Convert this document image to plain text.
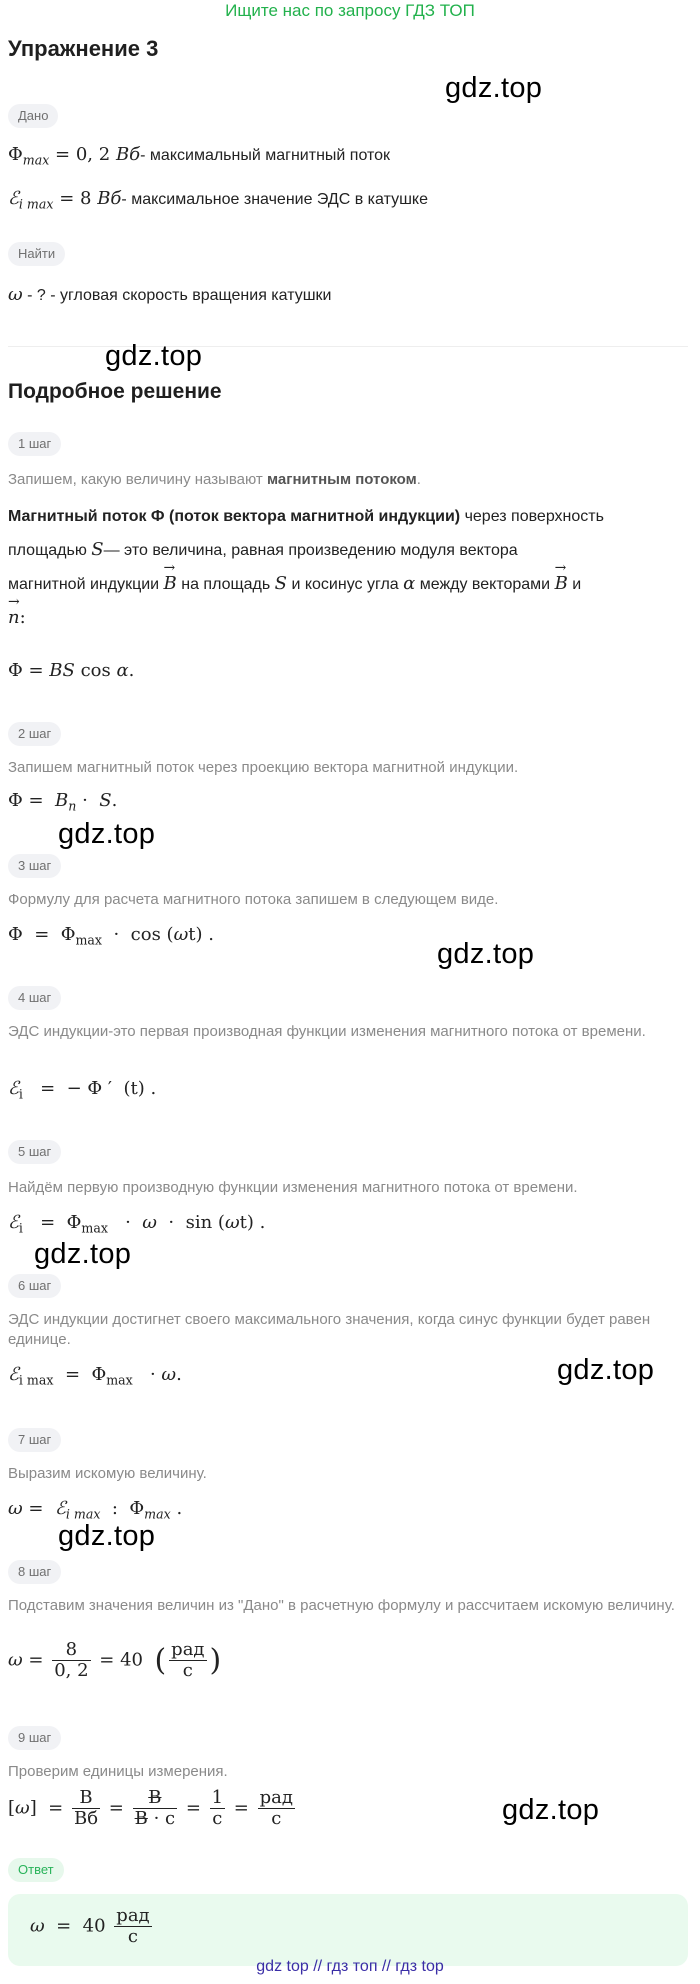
Ищите нас по запросу ГДЗ ТОП
Упражнение 3
gdz.top
Дано
$\Phi_{max} = 0$, 2 Вб- максимальный магнитный поток
ℰ$_{i max}$ = 8 Вб- максимальное значение ЭДС в катушке
Найти
ω - ? - угловая скорость вращения катушки
gdz.top
Подробное решение
1 шаг
Запишем, какую величину называют магнитным потоком.
Магнитный поток Ф (поток вектора магнитной индукции) через поверхность
площадью S— это величина, равная произведению модуля вектора
магнитной индукции → B на площадь S и косинус угла α между векторами → B и
→ n:
Φ = BS cos α.
2 шаг
Запишем магнитный поток через проекцию вектора магнитной индукции.
$\Phi = B_n \cdot S$.
gdz.top
3 шаг
Формулу для расчета магнитного потока запишем в следующем виде.
$\Phi = \Phi_{max} \cdot \cos (\omega t)$ .
gdz.top
4 шаг
ЭДС индукции-это первая производная функции изменения магнитного потока от времени.
ℰ$_i$   =  − Φ ′  (t) .
5 шаг
Найдём первую производную функции изменения магнитного потока от времени.
ℰ$_i$   =  $\Phi_{max} \cdot \omega \cdot \sin (\omega t)$ .
gdz.top
6 шаг
ЭДС индукции достигнет своего максимального значения, когда синус функции будет равен единице.
ℰ$_{i max}$  =  $\Phi_{max} \cdot \omega$.	gdz.top
7 шаг
Выразим искомую величину.
ω =  ℰ$_{i max}$  :  $\Phi_{max}$ .
gdz.top
8 шаг
Подставим значения величин из "Дано" в расчетную формулу и рассчитаем искомую величину.
$\omega = \frac{8}{0, 2} = 40$  ( $\frac{\text{рад}}{с}$ )
9 шаг
Проверим единицы измерения.
$[\omega] = \frac{В}{Вб} = \frac{В}{В \cdot с} = \frac{1}{с} = \frac{\text{рад}}{с}$	gdz.top
Ответ
$\omega = 40 \frac{\text{рад}}{с}$
gdz top // гдз топ // гдз top
